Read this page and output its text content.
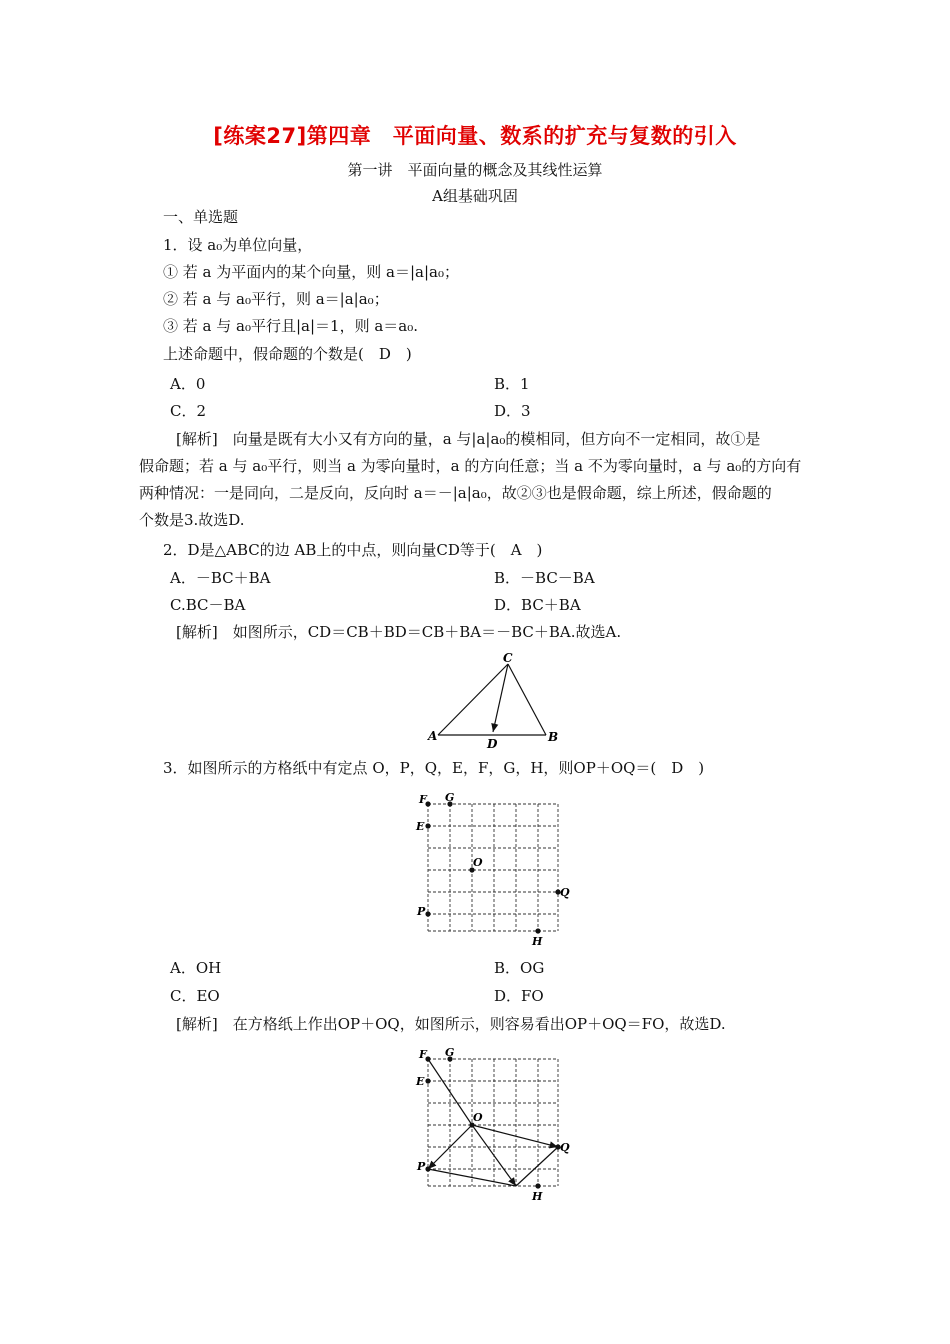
[练案27]第四章　平面向量、数系的扩充与复数的引入
第一讲　平面向量的概念及其线性运算
A组基础巩固
一、单选题
1．设 a₀为单位向量，
① 若 a 为平面内的某个向量，则 a＝|a|a₀；
② 若 a 与 a₀平行，则 a＝|a|a₀；
③ 若 a 与 a₀平行且|a|＝1，则 a＝a₀.
上述命题中，假命题的个数是(　D　)
A．0	B．1
C．2	D．3
[解析]　向量是既有大小又有方向的量，a 与|a|a₀的模相同，但方向不一定相同，故①是
假命题；若 a 与 a₀平行，则当 a 为零向量时，a 的方向任意；当 a 不为零向量时，a 与 a₀的方向有
两种情况：一是同向，二是反向，反向时 a＝－|a|a₀，故②③也是假命题，综上所述，假命题的
个数是3.故选D.
2．D是△ABC的边 AB上的中点，则向量CD等于(　A　)
A．－BC＋BA	B．－BC－BA
C.BC－BA	D．BC＋BA
[解析]　如图所示，CD＝CB＋BD＝CB＋BA＝－BC＋BA.故选A.
A	B
C
D
3．如图所示的方格纸中有定点 O，P，Q，E，F，G，H，则OP＋OQ＝(　D　)
F G
E
O
Q
P
H
A．OH	B．OG
C．EO	D．FO
[解析]　在方格纸上作出OP＋OQ，如图所示，则容易看出OP＋OQ＝FO，故选D.
F G
E
O
Q
P
H
